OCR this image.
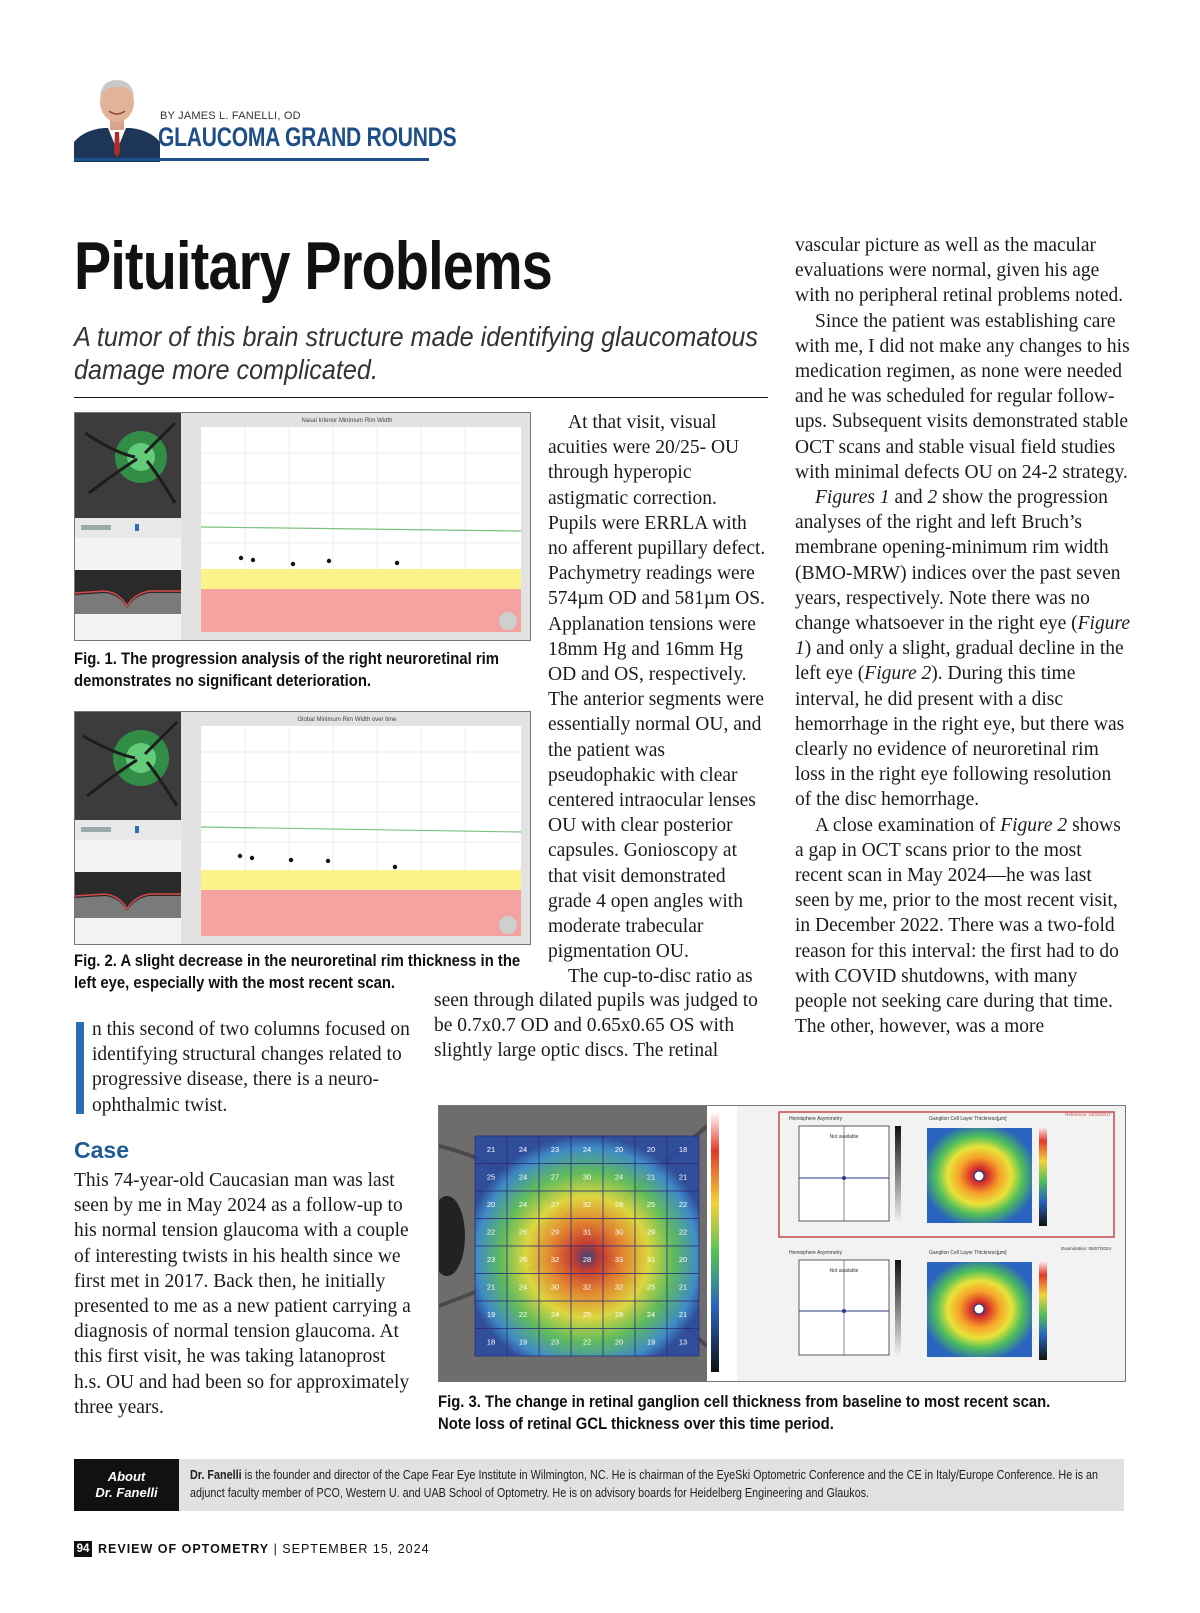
BY JAMES L. FANELLI, OD
GLAUCOMA GRAND ROUNDS
Pituitary Problems
A tumor of this brain structure made identifying glaucomatous damage more complicated.
Nasal Inferior Minimum Rim Width
Fig. 1. The progression analysis of the right neuroretinal rim demonstrates no significant deterioration.
Global Minimum Rim Width over time
Fig. 2. A slight decrease in the neuroretinal rim thickness in the left eye, especially with the most recent scan.

At that visit, visual acuities were 20/25- OU through hyperopic astigmatic correction. Pupils were ERRLA with no afferent pupillary defect. Pachymetry readings were 574µm OD and 581µm OS. Applanation tensions were 18mm Hg and 16mm Hg OD and OS, respectively. The anterior segments were essentially normal OU, and the patient was pseudophakic with clear centered intraocular lenses OU with clear posterior capsules. Gonioscopy at that visit demonstrated grade 4 open angles with moderate trabecular pigmentation OU.

The cup-to-disc ratio as

seen through dilated pupils was judged to be 0.7x0.7 OD and 0.65x0.65 OS with slightly large optic discs. The retinal

vascular picture as well as the macular evaluations were normal, given his age with no peripheral retinal problems noted.

Since the patient was establishing care with me, I did not make any changes to his medication regimen, as none were needed and he was scheduled for regular follow-ups. Subsequent visits demonstrated stable OCT scans and stable visual field studies with minimal defects OU on 24-2 strategy.

Figures 1 and 2 show the progression analyses of the right and left Bruch’s membrane opening-minimum rim width (BMO-MRW) indices over the past seven years, respectively. Note there was no change whatsoever in the right eye (Figure 1) and only a slight, gradual decline in the left eye (Figure 2). During this time interval, he did present with a disc hemorrhage in the right eye, but there was clearly no evidence of neuroretinal rim loss in the right eye following resolution of the disc hemorrhage.

A close examination of Figure 2 shows a gap in OCT scans prior to the most recent scan in May 2024—he was last seen by me, prior to the most recent visit, in December 2022. There was a two-fold reason for this interval: the first had to do with COVID shutdowns, with many people not seeking care during that time. The other, however, was a more

n this second of two columns focused on identifying structural changes related to progressive disease, there is a neuro-ophthalmic twist.

Case

This 74-year-old Caucasian man was last seen by me in May 2024 as a follow-up to his normal tension glaucoma with a couple of interesting twists in his health since we first met in 2017. Back then, he initially presented to me as a new patient carrying a diagnosis of normal tension glaucoma. At this first visit, he was taking latanoprost h.s. OU and had been so for approximately three years.

21	24	23	24	20	20	18
25	24	27	30	24	21	21
20	24	27	32	28	25	22
22	26	29	31	30	29	22
23	26	32	28	33	31	20
21	24	30	32	32	25	21
19	22	24	25	28	24	21
18	19	23	22	20	19	13
Hemisphere Asymmetry	Ganglion Cell Layer Thickness[µm]
Reference: 10/16/2017
Not available
Hemisphere Asymmetry	Ganglion Cell Layer Thickness[µm]
Examination: 05/07/2024
Not available
Fig. 3. The change in retinal ganglion cell thickness from baseline to most recent scan.
Note loss of retinal GCL thickness over this time period.
About
Dr. Fanelli
Dr. Fanelli is the founder and director of the Cape Fear Eye Institute in Wilmington, NC. He is chairman of the EyeSki Optometric Conference and the CE in Italy/Europe Conference. He is an adjunct faculty member of PCO, Western U. and UAB School of Optometry. He is on advisory boards for Heidelberg Engineering and Glaukos.
94 REVIEW OF OPTOMETRY | SEPTEMBER 15, 2024
